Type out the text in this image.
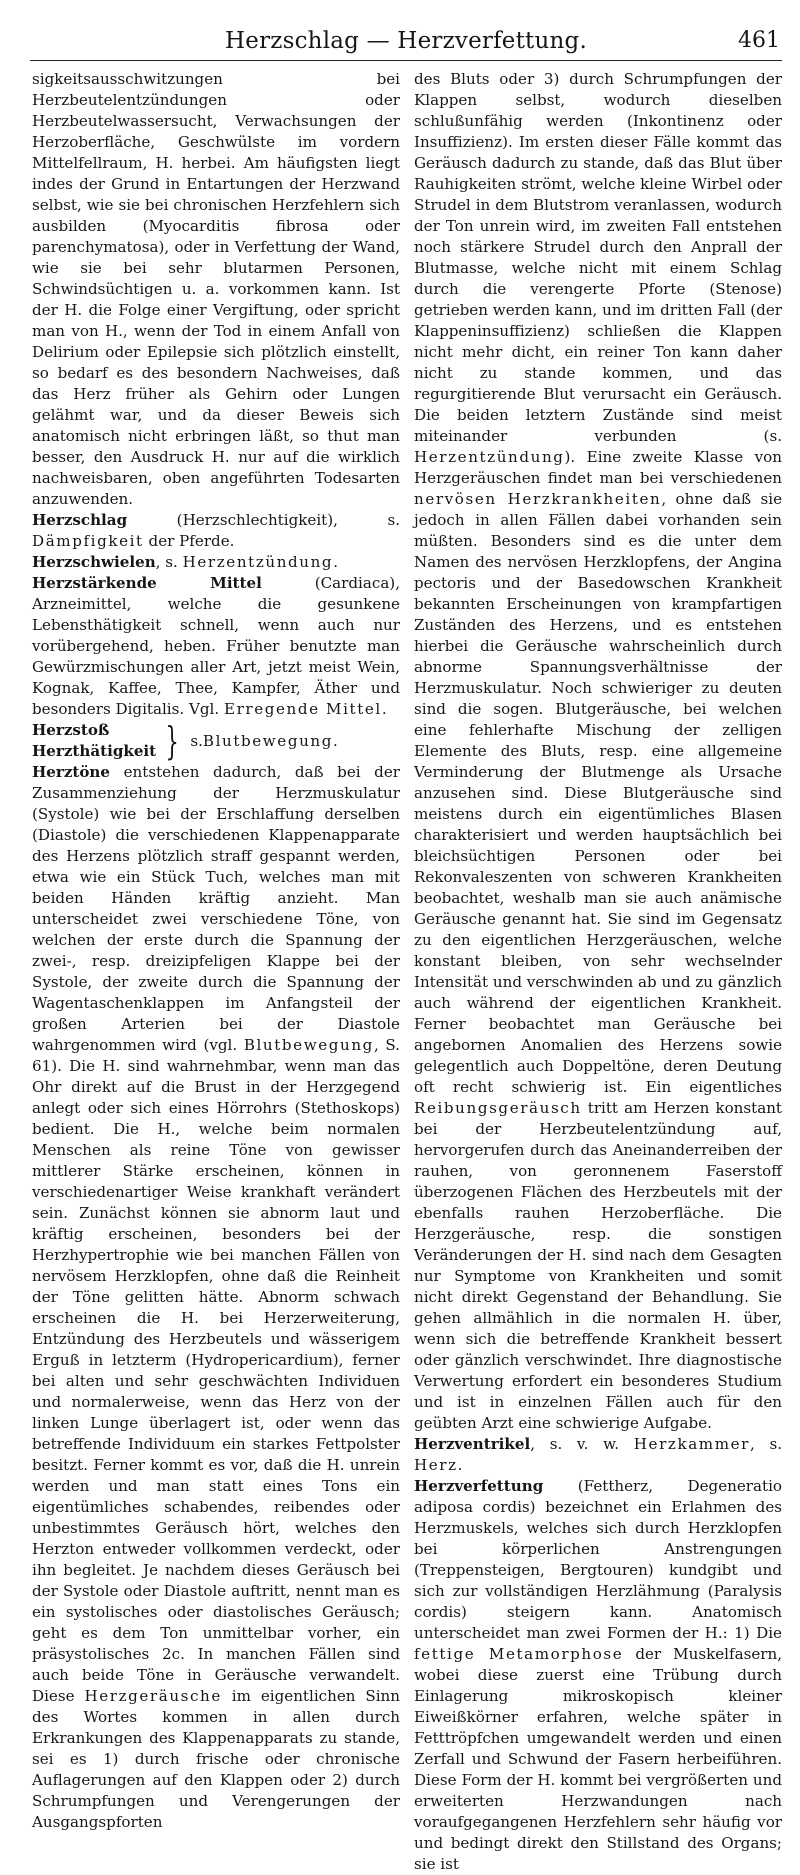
Herzschlag — Herzverfettung.	461

sigkeitsausschwitzungen bei Herzbeutelentzündungen oder Herzbeutelwassersucht, Verwachsungen der Herzoberfläche, Geschwülste im vordern Mittelfellraum, H. herbei. Am häufigsten liegt indes der Grund in Entartungen der Herzwand selbst, wie sie bei chronischen Herzfehlern sich ausbilden (Myocarditis fibrosa oder parenchymatosa), oder in Verfettung der Wand, wie sie bei sehr blutarmen Personen, Schwindsüchtigen u. a. vorkommen kann. Ist der H. die Folge einer Vergiftung, oder spricht man von H., wenn der Tod in einem Anfall von Delirium oder Epilepsie sich plötzlich einstellt, so bedarf es des besondern Nachweises, daß das Herz früher als Gehirn oder Lungen gelähmt war, und da dieser Beweis sich anatomisch nicht erbringen läßt, so thut man besser, den Ausdruck H. nur auf die wirklich nachweisbaren, oben angeführten Todesarten anzuwenden.

Herzschlag (Herzschlechtigkeit), s. Dämpfigkeit der Pferde.

Herzschwielen, s. Herzentzündung.

Herzstärkende Mittel (Cardiaca), Arzneimittel, welche die gesunkene Lebensthätigkeit schnell, wenn auch nur vorübergehend, heben. Früher benutzte man Gewürzmischungen aller Art, jetzt meist Wein, Kognak, Kaffee, Thee, Kampfer, Äther und besonders Digitalis. Vgl. Erregende Mittel.

Herzstoß
Herzthätigkeit } s. Blutbewegung .

Herztöne entstehen dadurch, daß bei der Zusammenziehung der Herzmuskulatur (Systole) wie bei der Erschlaffung derselben (Diastole) die verschiedenen Klappenapparate des Herzens plötzlich straff gespannt werden, etwa wie ein Stück Tuch, welches man mit beiden Händen kräftig anzieht. Man unterscheidet zwei verschiedene Töne, von welchen der erste durch die Spannung der zwei-, resp. dreizipfeligen Klappe bei der Systole, der zweite durch die Spannung der Wagentaschenklappen im Anfangsteil der großen Arterien bei der Diastole wahrgenommen wird (vgl. Blutbewegung, S. 61). Die H. sind wahrnehmbar, wenn man das Ohr direkt auf die Brust in der Herzgegend anlegt oder sich eines Hörrohrs (Stethoskops) bedient. Die H., welche beim normalen Menschen als reine Töne von gewisser mittlerer Stärke erscheinen, können in verschiedenartiger Weise krankhaft verändert sein. Zunächst können sie abnorm laut und kräftig erscheinen, besonders bei der Herzhypertrophie wie bei manchen Fällen von nervösem Herzklopfen, ohne daß die Reinheit der Töne gelitten hätte. Abnorm schwach erscheinen die H. bei Herzerweiterung, Entzündung des Herzbeutels und wässerigem Erguß in letzterm (Hydropericardium), ferner bei alten und sehr geschwächten Individuen und normalerweise, wenn das Herz von der linken Lunge überlagert ist, oder wenn das betreffende Individuum ein starkes Fettpolster besitzt. Ferner kommt es vor, daß die H. unrein werden und man statt eines Tons ein eigentümliches schabendes, reibendes oder unbestimmtes Geräusch hört, welches den Herzton entweder vollkommen verdeckt, oder ihn begleitet. Je nachdem dieses Geräusch bei der Systole oder Diastole auftritt, nennt man es ein systolisches oder diastolisches Geräusch; geht es dem Ton unmittelbar vorher, ein präsystolisches 2c. In manchen Fällen sind auch beide Töne in Geräusche verwandelt. Diese Herzgeräusche im eigentlichen Sinn des Wortes kommen in allen durch Erkrankungen des Klappenapparats zu stande, sei es 1) durch frische oder chronische Auflagerungen auf den Klappen oder 2) durch Schrumpfungen und Verengerungen der Ausgangspforten

des Bluts oder 3) durch Schrumpfungen der Klappen selbst, wodurch dieselben schlußunfähig werden (Inkontinenz oder Insuffizienz). Im ersten dieser Fälle kommt das Geräusch dadurch zu stande, daß das Blut über Rauhigkeiten strömt, welche kleine Wirbel oder Strudel in dem Blutstrom veranlassen, wodurch der Ton unrein wird, im zweiten Fall entstehen noch stärkere Strudel durch den Anprall der Blutmasse, welche nicht mit einem Schlag durch die verengerte Pforte (Stenose) getrieben werden kann, und im dritten Fall (der Klappeninsuffizienz) schließen die Klappen nicht mehr dicht, ein reiner Ton kann daher nicht zu stande kommen, und das regurgitierende Blut verursacht ein Geräusch. Die beiden letztern Zustände sind meist miteinander verbunden (s. Herzentzündung). Eine zweite Klasse von Herzgeräuschen findet man bei verschiedenen nervösen Herzkrankheiten, ohne daß sie jedoch in allen Fällen dabei vorhanden sein müßten. Besonders sind es die unter dem Namen des nervösen Herzklopfens, der Angina pectoris und der Basedowschen Krankheit bekannten Erscheinungen von krampfartigen Zuständen des Herzens, und es entstehen hierbei die Geräusche wahrscheinlich durch abnorme Spannungsverhältnisse der Herzmuskulatur. Noch schwieriger zu deuten sind die sogen. Blutgeräusche, bei welchen eine fehlerhafte Mischung der zelligen Elemente des Bluts, resp. eine allgemeine Verminderung der Blutmenge als Ursache anzusehen sind. Diese Blutgeräusche sind meistens durch ein eigentümliches Blasen charakterisiert und werden hauptsächlich bei bleichsüchtigen Personen oder bei Rekonvaleszenten von schweren Krankheiten beobachtet, weshalb man sie auch anämische Geräusche genannt hat. Sie sind im Gegensatz zu den eigentlichen Herzgeräuschen, welche konstant bleiben, von sehr wechselnder Intensität und verschwinden ab und zu gänzlich auch während der eigentlichen Krankheit. Ferner beobachtet man Geräusche bei angebornen Anomalien des Herzens sowie gelegentlich auch Doppeltöne, deren Deutung oft recht schwierig ist. Ein eigentliches Reibungsgeräusch tritt am Herzen konstant bei der Herzbeutelentzündung auf, hervorgerufen durch das Aneinanderreiben der rauhen, von geronnenem Faserstoff überzogenen Flächen des Herzbeutels mit der ebenfalls rauhen Herzoberfläche. Die Herzgeräusche, resp. die sonstigen Veränderungen der H. sind nach dem Gesagten nur Symptome von Krankheiten und somit nicht direkt Gegenstand der Behandlung. Sie gehen allmählich in die normalen H. über, wenn sich die betreffende Krankheit bessert oder gänzlich verschwindet. Ihre diagnostische Verwertung erfordert ein besonderes Studium und ist in einzelnen Fällen auch für den geübten Arzt eine schwierige Aufgabe.

Herzventrikel, s. v. w. Herzkammer, s. Herz.

Herzverfettung (Fettherz, Degeneratio adiposa cordis) bezeichnet ein Erlahmen des Herzmuskels, welches sich durch Herzklopfen bei körperlichen Anstrengungen (Treppensteigen, Bergtouren) kundgibt und sich zur vollständigen Herzlähmung (Paralysis cordis) steigern kann. Anatomisch unterscheidet man zwei Formen der H.: 1) Die fettige Metamorphose der Muskelfasern, wobei diese zuerst eine Trübung durch Einlagerung mikroskopisch kleiner Eiweißkörner erfahren, welche später in Fetttröpfchen umgewandelt werden und einen Zerfall und Schwund der Fasern herbeiführen. Diese Form der H. kommt bei vergrößerten und erweiterten Herzwandungen nach voraufgegangenen Herzfehlern sehr häufig vor und bedingt direkt den Stillstand des Organs; sie ist
